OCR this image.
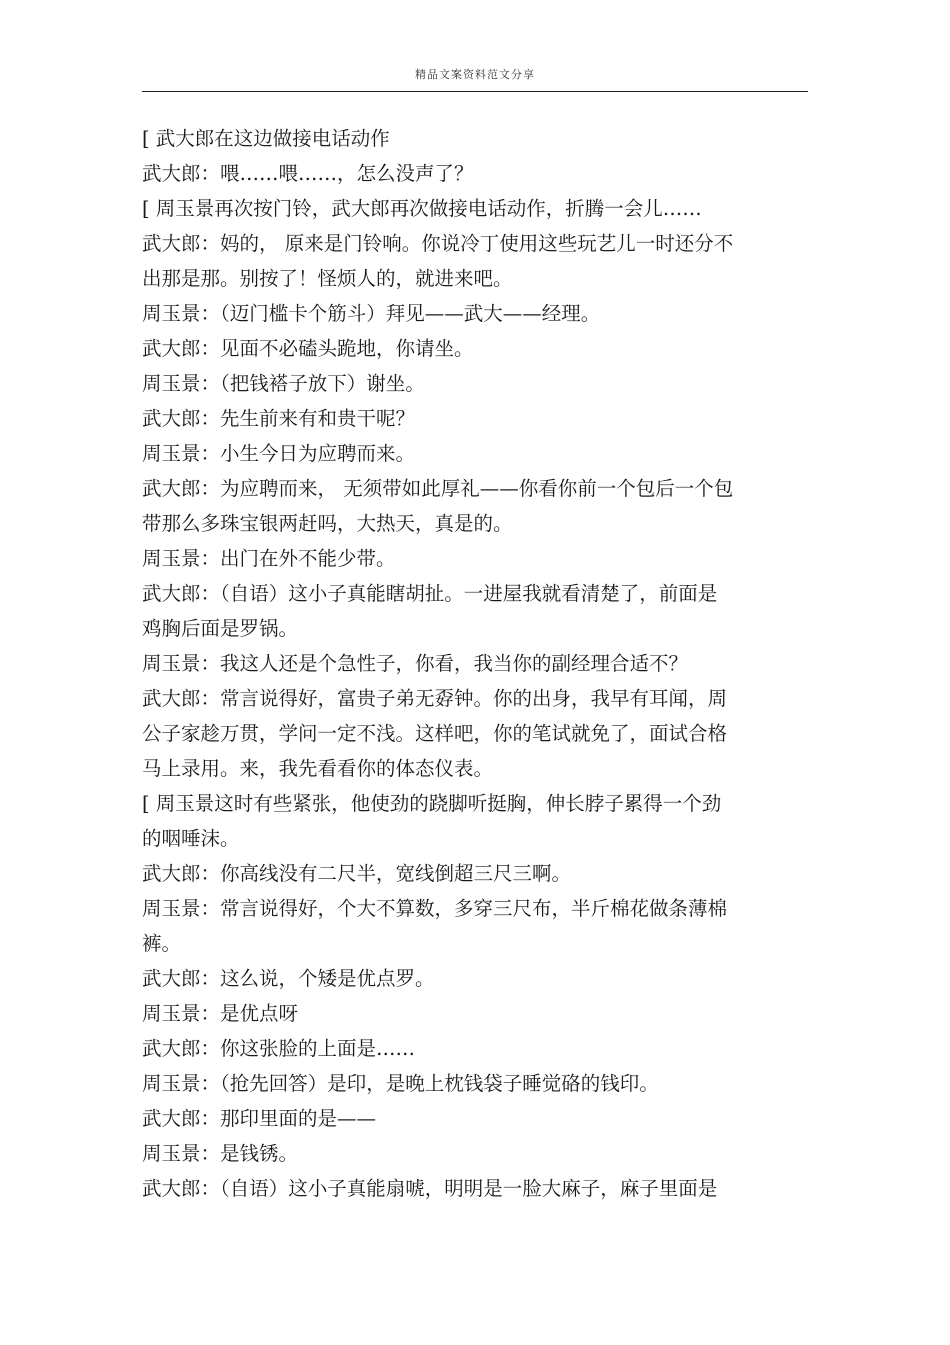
精品文案资料范文分享
[ 武大郎在这边做接电话动作
武大郎：喂……喂……，怎么没声了？
[ 周玉景再次按门铃，武大郎再次做接电话动作，折腾一会儿……
武大郎：妈的， 原来是门铃响。你说冷丁使用这些玩艺儿一时还分不
出那是那。别按了！怪烦人的，就进来吧。
周玉景：（迈门槛卡个筋斗）拜见——武大——经理。
武大郎：见面不必磕头跪地，你请坐。
周玉景：（把钱褡子放下）谢坐。
武大郎：先生前来有和贵干呢？
周玉景：小生今日为应聘而来。
武大郎：为应聘而来， 无须带如此厚礼——你看你前一个包后一个包
带那么多珠宝银两赶吗，大热天，真是的。
周玉景：出门在外不能少带。
武大郎：（自语）这小子真能瞎胡扯。一进屋我就看清楚了，前面是
鸡胸后面是罗锅。
周玉景：我这人还是个急性子，你看，我当你的副经理合适不？
武大郎：常言说得好，富贵子弟无孬钟。你的出身，我早有耳闻，周
公子家趁万贯，学问一定不浅。这样吧，你的笔试就免了，面试合格
马上录用。来，我先看看你的体态仪表。
[ 周玉景这时有些紧张，他使劲的跷脚听挺胸，伸长脖子累得一个劲
的咽唾沫。
武大郎：你高线没有二尺半，宽线倒超三尺三啊。
周玉景：常言说得好，个大不算数，多穿三尺布，半斤棉花做条薄棉
裤。
武大郎：这么说，个矮是优点罗。
周玉景：是优点呀
武大郎：你这张脸的上面是……
周玉景：（抢先回答）是印，是晚上枕钱袋子睡觉硌的钱印。
武大郎：那印里面的是——
周玉景：是钱锈。
武大郎：（自语）这小子真能扇唬，明明是一脸大麻子，麻子里面是
